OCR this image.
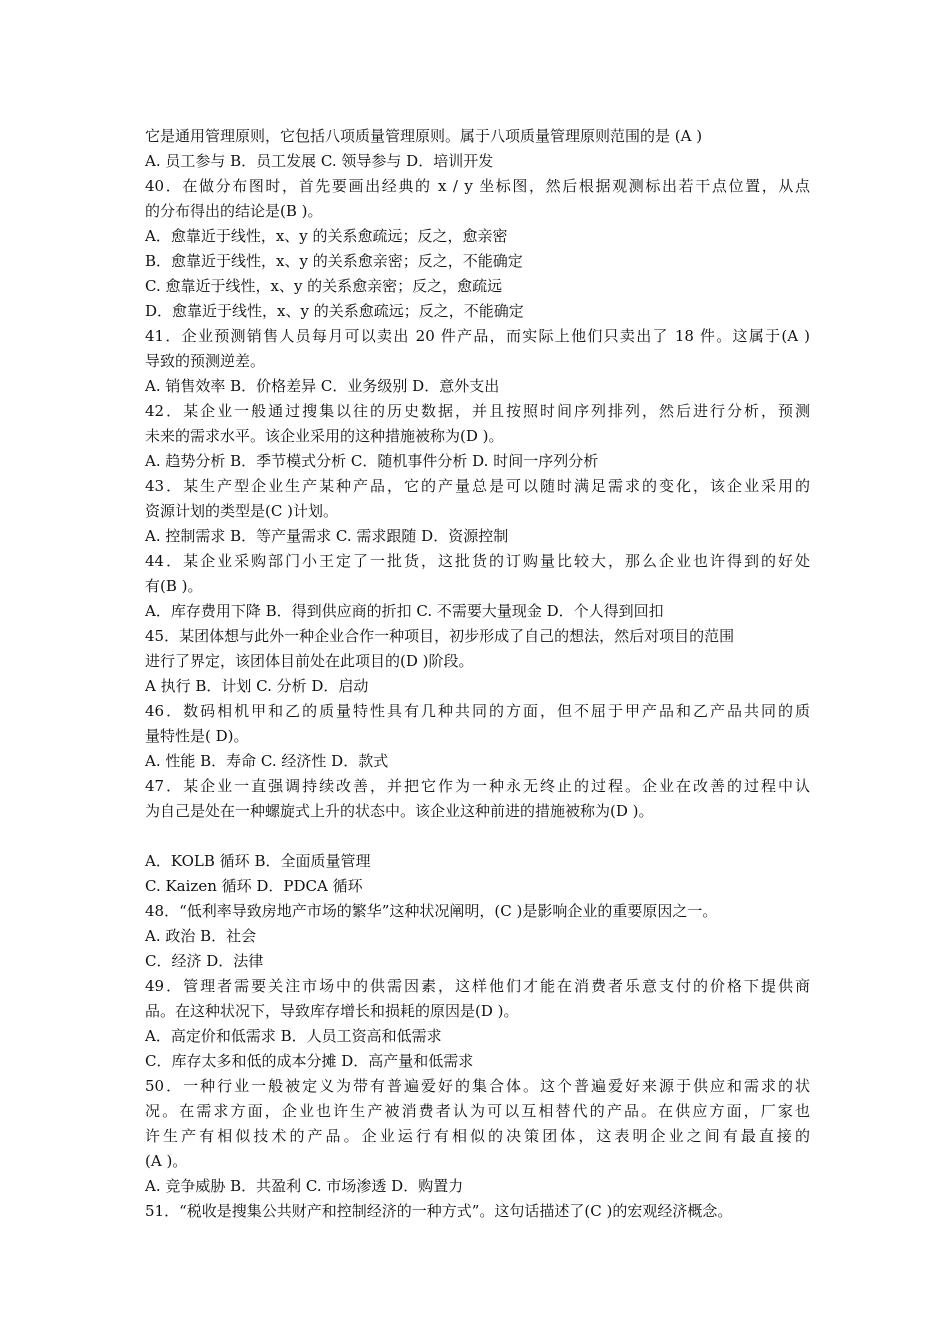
它是通用管理原则，它包括八项质量管理原则。属于八项质量管理原则范围的是 (A )
A. 员工参与 B．员工发展 C. 领导参与 D．培训开发
40．在做分布图时，首先要画出经典的 x / y 坐标图，然后根据观测标出若干点位置，从点
的分布得出的结论是(B )。
A．愈靠近于线性，x、y 的关系愈疏远；反之，愈亲密
B．愈靠近于线性，x、y 的关系愈亲密；反之，不能确定
C. 愈靠近于线性，x、y 的关系愈亲密；反之，愈疏远
D．愈靠近于线性，x、y 的关系愈疏远；反之，不能确定
41．企业预测销售人员每月可以卖出 20 件产品，而实际上他们只卖出了 18 件。这属于(A )
导致的预测逆差。
A. 销售效率 B．价格差异 C．业务级别 D．意外支出
42．某企业一般通过搜集以往的历史数据，并且按照时间序列排列，然后进行分析，预测
未来的需求水平。该企业采用的这种措施被称为(D )。
A. 趋势分析 B．季节模式分析 C．随机事件分析 D. 时间一序列分析
43．某生产型企业生产某种产品，它的产量总是可以随时满足需求的变化，该企业采用的
资源计划的类型是(C )计划。
A. 控制需求 B．等产量需求 C. 需求跟随 D．资源控制
44．某企业采购部门小王定了一批货，这批货的订购量比较大，那么企业也许得到的好处
有(B )。
A．库存费用下降 B．得到供应商的折扣 C. 不需要大量现金 D．个人得到回扣
45．某团体想与此外一种企业合作一种项目，初步形成了自己的想法，然后对项目的范围
进行了界定，该团体目前处在此项目的(D )阶段。
A 执行 B．计划 C. 分析 D．启动
46．数码相机甲和乙的质量特性具有几种共同的方面，但不屈于甲产品和乙产品共同的质
量特性是( D)。
A. 性能 B．寿命 C. 经济性 D．款式
47．某企业一直强调持续改善，并把它作为一种永无终止的过程。企业在改善的过程中认
为自己是处在一种螺旋式上升的状态中。该企业这种前进的措施被称为(D )。
A．KOLB 循环 B．全面质量管理
C. Kaizen 循环 D．PDCA 循环
48．“低利率导致房地产市场的繁华”这种状况阐明，(C )是影响企业的重要原因之一。
A. 政治 B．社会
C．经济 D．法律
49．管理者需要关注市场中的供需因素，这样他们才能在消费者乐意支付的价格下提供商
品。在这种状况下，导致库存增长和损耗的原因是(D )。
A．高定价和低需求 B．人员工资高和低需求
C．库存太多和低的成本分摊 D．高产量和低需求
50．一种行业一般被定义为带有普遍爱好的集合体。这个普遍爱好来源于供应和需求的状
况。在需求方面，企业也许生产被消费者认为可以互相替代的产品。在供应方面，厂家也
许生产有相似技术的产品。企业运行有相似的决策团体，这表明企业之间有最直接的
(A )。
A. 竞争威胁 B．共盈利 C. 市场渗透 D．购置力
51．“税收是搜集公共财产和控制经济的一种方式”。这句话描述了(C )的宏观经济概念。
